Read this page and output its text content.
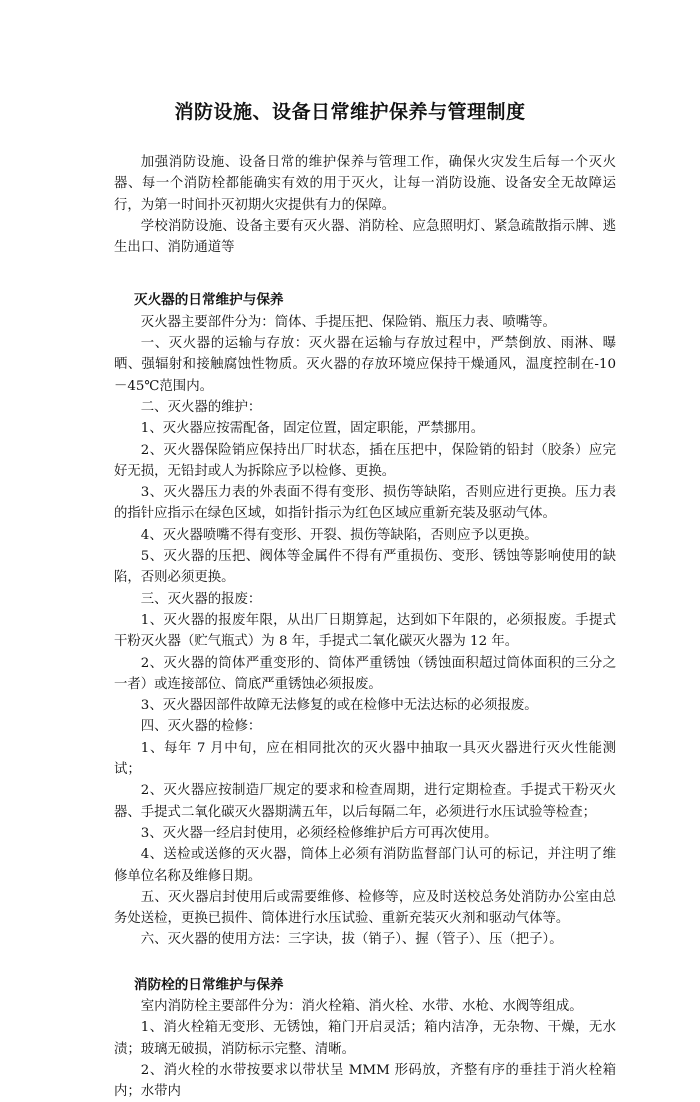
消防设施、设备日常维护保养与管理制度

加强消防设施、设备日常的维护保养与管理工作，确保火灾发生后每一个灭火器、每一个消防栓都能确实有效的用于灭火，让每一消防设施、设备安全无故障运行，为第一时间扑灭初期火灾提供有力的保障。

学校消防设施、设备主要有灭火器、消防栓、应急照明灯、紧急疏散指示牌、逃生出口、消防通道等

灭火器的日常维护与保养

灭火器主要部件分为：筒体、手提压把、保险销、瓶压力表、喷嘴等。

一、灭火器的运输与存放：灭火器在运输与存放过程中，严禁倒放、雨淋、曝晒、强辐射和接触腐蚀性物质。灭火器的存放环境应保持干燥通风，温度控制在-10－45℃范围内。

二、灭火器的维护：

1、灭火器应按需配备，固定位置，固定职能，严禁挪用。

2、灭火器保险销应保持出厂时状态，插在压把中，保险销的铅封（胶条）应完好无损，无铅封或人为拆除应予以检修、更换。

3、灭火器压力表的外表面不得有变形、损伤等缺陷，否则应进行更换。压力表的指针应指示在绿色区域，如指针指示为红色区域应重新充装及驱动气体。

4、灭火器喷嘴不得有变形、开裂、损伤等缺陷，否则应予以更换。

5、灭火器的压把、阀体等金属件不得有严重损伤、变形、锈蚀等影响使用的缺陷，否则必须更换。

三、灭火器的报废：

1、灭火器的报废年限，从出厂日期算起，达到如下年限的，必须报废。手提式干粉灭火器（贮气瓶式）为 8 年，手提式二氧化碳灭火器为 12 年。

2、灭火器的筒体严重变形的、筒体严重锈蚀（锈蚀面积超过筒体面积的三分之一者）或连接部位、筒底严重锈蚀必须报废。

3、灭火器因部件故障无法修复的或在检修中无法达标的必须报废。

四、灭火器的检修：

1、每年 7 月中旬，应在相同批次的灭火器中抽取一具灭火器进行灭火性能测试；

2、灭火器应按制造厂规定的要求和检查周期，进行定期检查。手提式干粉灭火器、手提式二氧化碳灭火器期满五年，以后每隔二年，必须进行水压试验等检查；

3、灭火器一经启封使用，必须经检修维护后方可再次使用。

4、送检或送修的灭火器，筒体上必须有消防监督部门认可的标记，并注明了维修单位名称及维修日期。

五、灭火器启封使用后或需要维修、检修等，应及时送校总务处消防办公室由总务处送检，更换已损件、筒体进行水压试验、重新充装灭火剂和驱动气体等。

六、灭火器的使用方法：三字诀，拔（销子）、握（管子）、压（把子）。

消防栓的日常维护与保养

室内消防栓主要部件分为：消火栓箱、消火栓、水带、水枪、水阀等组成。

1、消火栓箱无变形、无锈蚀，箱门开启灵活；箱内洁净，无杂物、干燥，无水渍；玻璃无破损，消防标示完整、清晰。

2、消火栓的水带按要求以带状呈 MMM 形码放，齐整有序的垂挂于消火栓箱内；水带内
